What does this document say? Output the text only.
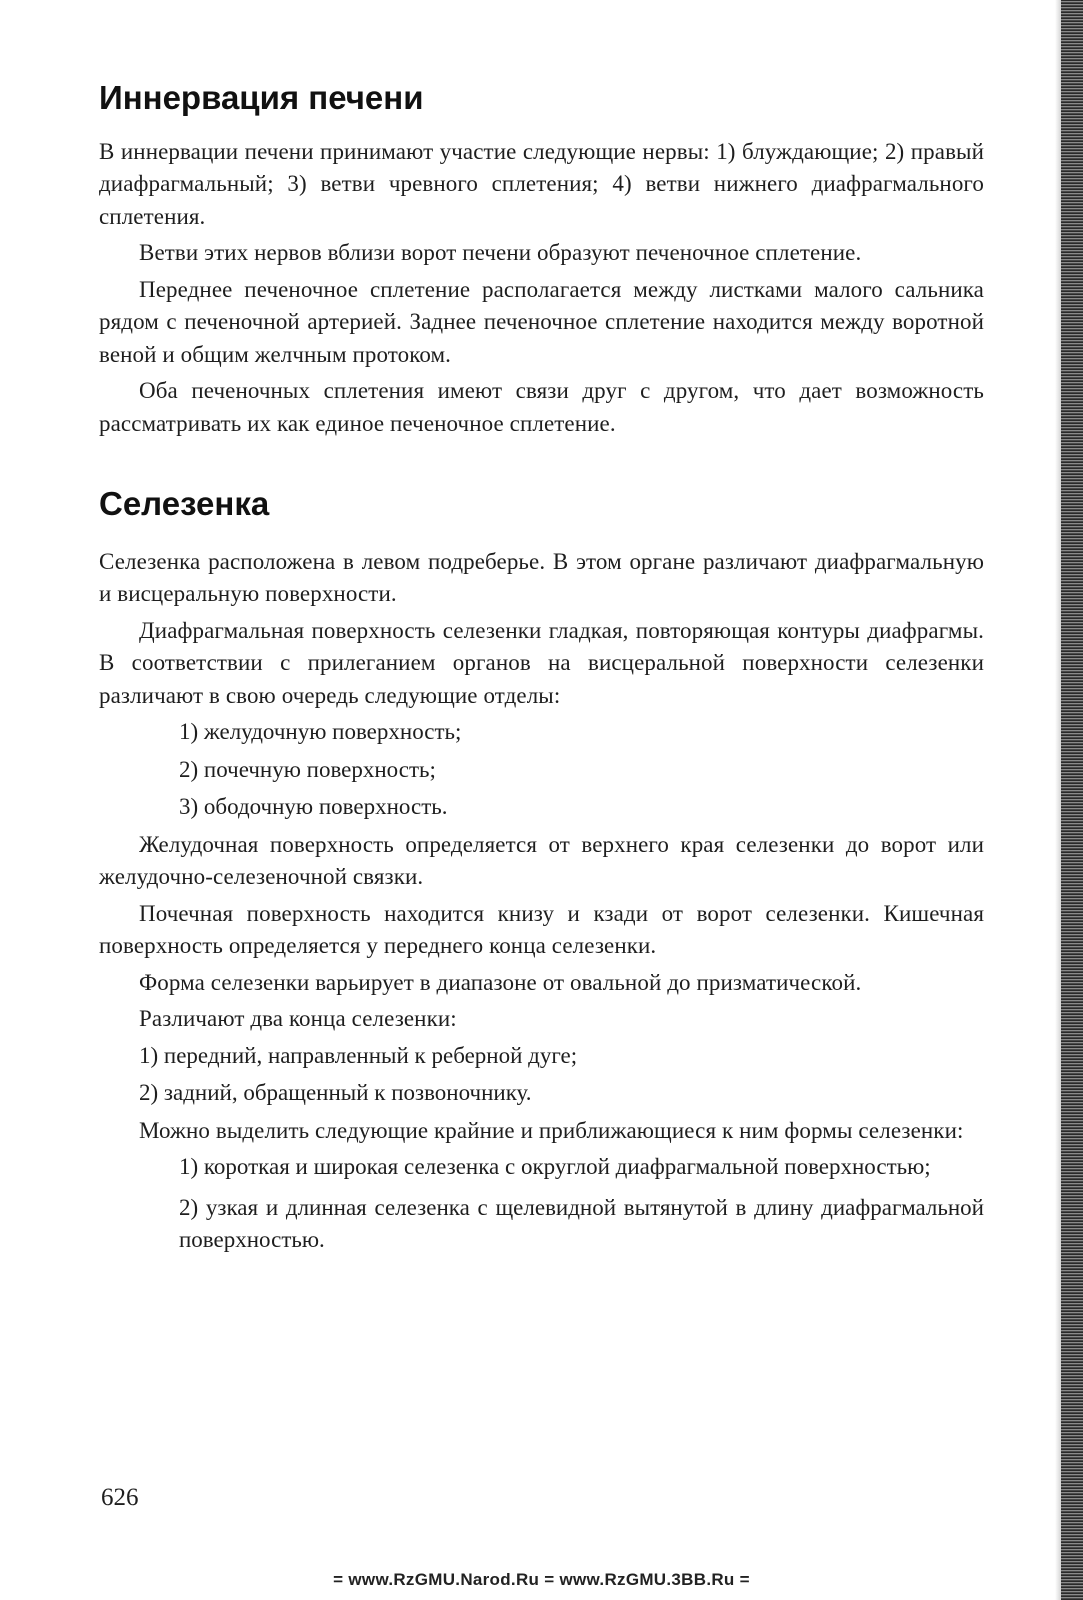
Иннервация печени

В иннервации печени принимают участие следующие нервы: 1) блуждающие; 2) правый диафрагмальный; 3) ветви чревного сплетения; 4) ветви нижнего диафрагмального сплетения.

Ветви этих нервов вблизи ворот печени образуют печеночное сплетение.

Переднее печеночное сплетение располагается между листками малого сальника рядом с печеночной артерией. Заднее печеночное сплетение находится между воротной веной и общим желчным протоком.

Оба печеночных сплетения имеют связи друг с другом, что дает возможность рассматривать их как единое печеночное сплетение.

Селезенка

Селезенка расположена в левом подреберье. В этом органе различают диафрагмальную и висцеральную поверхности.

Диафрагмальная поверхность селезенки гладкая, повторяющая контуры диафрагмы. В соответствии с прилеганием органов на висцеральной поверхности селезенки различают в свою очередь следующие отделы:

1) желудочную поверхность;

2) почечную поверхность;

3) ободочную поверхность.

Желудочная поверхность определяется от верхнего края селезенки до ворот или желудочно-селезеночной связки.

Почечная поверхность находится книзу и кзади от ворот селезенки. Кишечная поверхность определяется у переднего конца селезенки.

Форма селезенки варьирует в диапазоне от овальной до призматической.

Различают два конца селезенки:

1) передний, направленный к реберной дуге;

2) задний, обращенный к позвоночнику.

Можно выделить следующие крайние и приближающиеся к ним формы селезенки:

1) короткая и широкая селезенка с округлой диафрагмальной поверхностью;

2) узкая и длинная селезенка с щелевидной вытянутой в длину диафрагмальной поверхностью.

626
= www.RzGMU.Narod.Ru = www.RzGMU.3BB.Ru =
